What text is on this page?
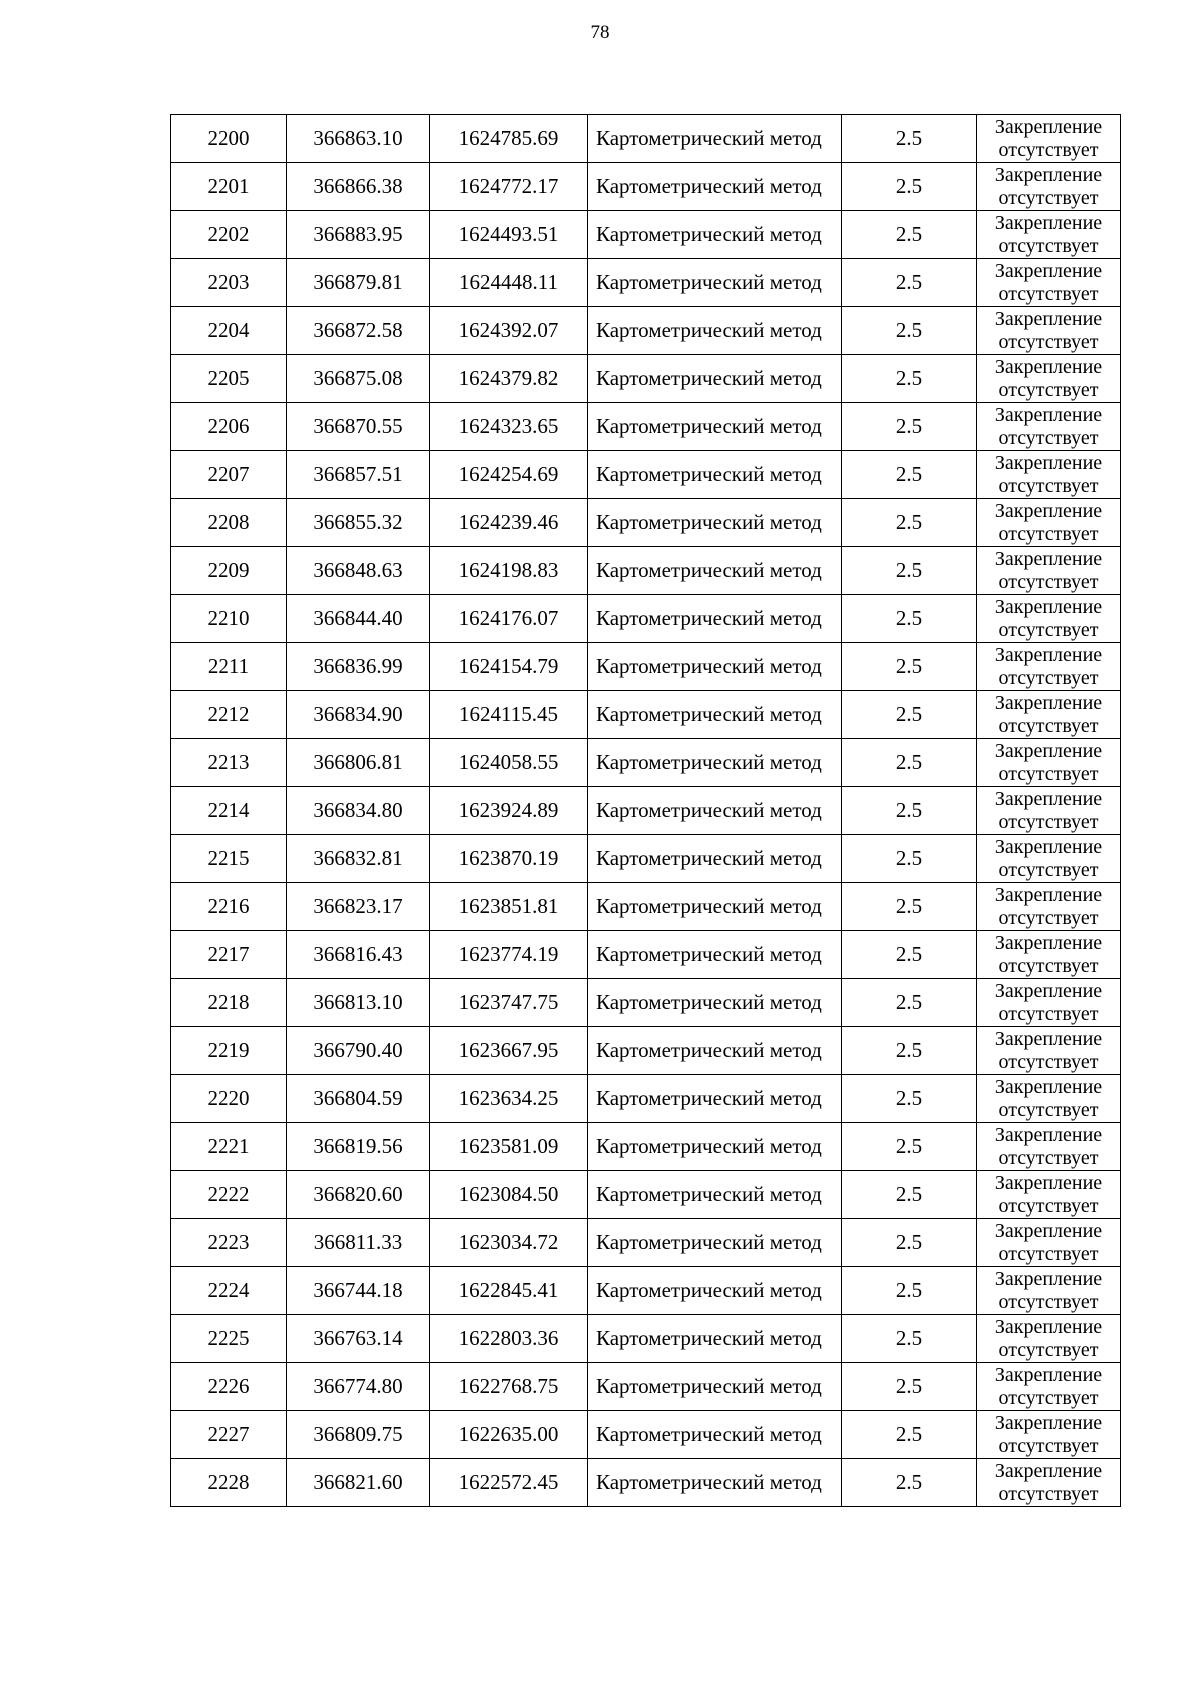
78
2200	366863.10	1624785.69	Картометрический метод	2.5	Закрепление
отсутствует

2201	366866.38	1624772.17	Картометрический метод	2.5	Закрепление
отсутствует

2202	366883.95	1624493.51	Картометрический метод	2.5	Закрепление
отсутствует

2203	366879.81	1624448.11	Картометрический метод	2.5	Закрепление
отсутствует

2204	366872.58	1624392.07	Картометрический метод	2.5	Закрепление
отсутствует

2205	366875.08	1624379.82	Картометрический метод	2.5	Закрепление
отсутствует

2206	366870.55	1624323.65	Картометрический метод	2.5	Закрепление
отсутствует

2207	366857.51	1624254.69	Картометрический метод	2.5	Закрепление
отсутствует

2208	366855.32	1624239.46	Картометрический метод	2.5	Закрепление
отсутствует

2209	366848.63	1624198.83	Картометрический метод	2.5	Закрепление
отсутствует

2210	366844.40	1624176.07	Картометрический метод	2.5	Закрепление
отсутствует

2211	366836.99	1624154.79	Картометрический метод	2.5	Закрепление
отсутствует

2212	366834.90	1624115.45	Картометрический метод	2.5	Закрепление
отсутствует

2213	366806.81	1624058.55	Картометрический метод	2.5	Закрепление
отсутствует

2214	366834.80	1623924.89	Картометрический метод	2.5	Закрепление
отсутствует

2215	366832.81	1623870.19	Картометрический метод	2.5	Закрепление
отсутствует

2216	366823.17	1623851.81	Картометрический метод	2.5	Закрепление
отсутствует

2217	366816.43	1623774.19	Картометрический метод	2.5	Закрепление
отсутствует

2218	366813.10	1623747.75	Картометрический метод	2.5	Закрепление
отсутствует

2219	366790.40	1623667.95	Картометрический метод	2.5	Закрепление
отсутствует

2220	366804.59	1623634.25	Картометрический метод	2.5	Закрепление
отсутствует

2221	366819.56	1623581.09	Картометрический метод	2.5	Закрепление
отсутствует

2222	366820.60	1623084.50	Картометрический метод	2.5	Закрепление
отсутствует

2223	366811.33	1623034.72	Картометрический метод	2.5	Закрепление
отсутствует

2224	366744.18	1622845.41	Картометрический метод	2.5	Закрепление
отсутствует

2225	366763.14	1622803.36	Картометрический метод	2.5	Закрепление
отсутствует

2226	366774.80	1622768.75	Картометрический метод	2.5	Закрепление
отсутствует

2227	366809.75	1622635.00	Картометрический метод	2.5	Закрепление
отсутствует

2228	366821.60	1622572.45	Картометрический метод	2.5	Закрепление
отсутствует
